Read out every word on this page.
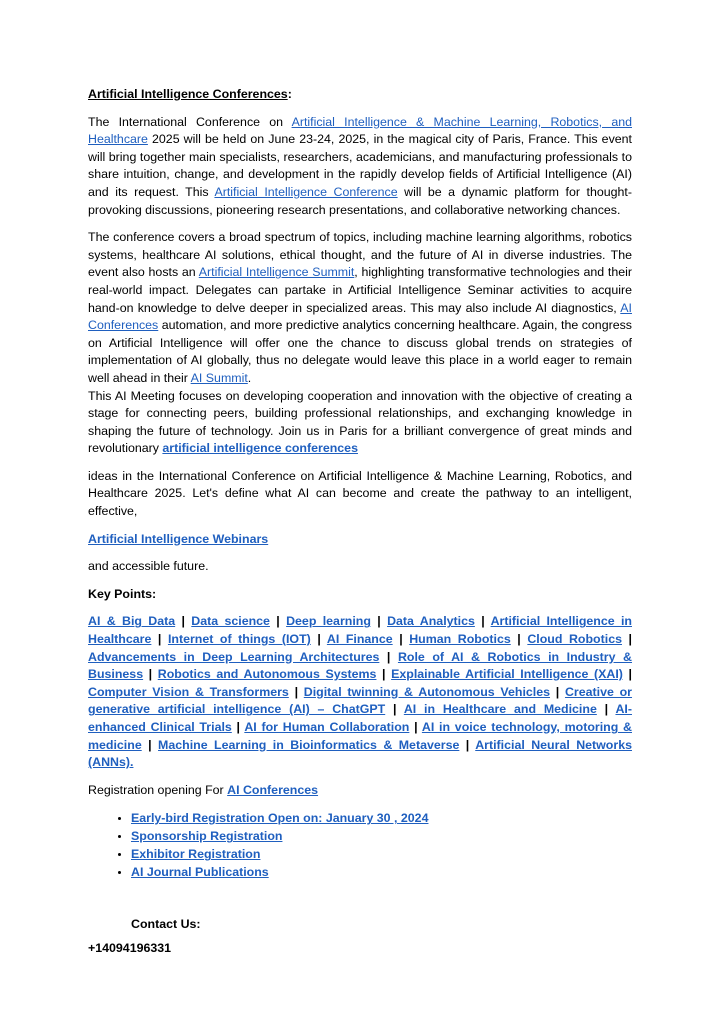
Artificial Intelligence Conferences:

The International Conference on Artificial Intelligence & Machine Learning, Robotics, and Healthcare 2025 will be held on June 23-24, 2025, in the magical city of Paris, France. This event will bring together main specialists, researchers, academicians, and manufacturing professionals to share intuition, change, and development in the rapidly develop fields of Artificial Intelligence (AI) and its request. This Artificial Intelligence Conference will be a dynamic platform for thought-provoking discussions, pioneering research presentations, and collaborative networking chances.

The conference covers a broad spectrum of topics, including machine learning algorithms, robotics systems, healthcare AI solutions, ethical thought, and the future of AI in diverse industries. The event also hosts an Artificial Intelligence Summit, highlighting transformative technologies and their real-world impact. Delegates can partake in Artificial Intelligence Seminar activities to acquire hand-on knowledge to delve deeper in specialized areas. This may also include AI diagnostics, AI Conferences automation, and more predictive analytics concerning healthcare. Again, the congress on Artificial Intelligence will offer one the chance to discuss global trends on strategies of implementation of AI globally, thus no delegate would leave this place in a world eager to remain well ahead in their AI Summit.

This AI Meeting focuses on developing cooperation and innovation with the objective of creating a stage for connecting peers, building professional relationships, and exchanging knowledge in shaping the future of technology. Join us in Paris for a brilliant convergence of great minds and revolutionary artificial intelligence conferences

ideas in the International Conference on Artificial Intelligence & Machine Learning, Robotics, and Healthcare 2025. Let's define what AI can become and create the pathway to an intelligent, effective,

Artificial Intelligence Webinars

and accessible future.

Key Points:

AI & Big Data | Data science | Deep learning | Data Analytics | Artificial Intelligence in Healthcare | Internet of things (IOT) | AI Finance | Human Robotics | Cloud Robotics | Advancements in Deep Learning Architectures | Role of AI & Robotics in Industry & Business | Robotics and Autonomous Systems | Explainable Artificial Intelligence (XAI) | Computer Vision & Transformers | Digital twinning & Autonomous Vehicles | Creative or generative artificial intelligence (AI) – ChatGPT | AI in Healthcare and Medicine | AI-enhanced Clinical Trials | AI for Human Collaboration | AI in voice technology, motoring & medicine | Machine Learning in Bioinformatics & Metaverse | Artificial Neural Networks (ANNs).

Registration opening For AI Conferences

• Early-bird Registration Open on: January 30 , 2024
• Sponsorship Registration
• Exhibitor Registration
• AI Journal Publications
Contact Us:
+14094196331
